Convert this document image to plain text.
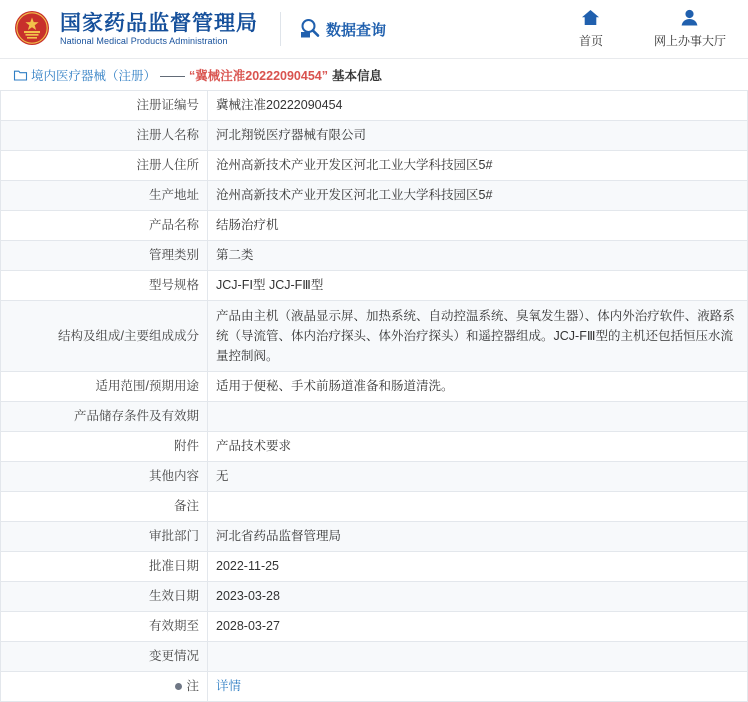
国家药品监督管理局
National Medical Products Administration
数据查询
首页	网上办事大厅
境内医疗器械（注册） —— “冀械注准20222090454” 基本信息
注册证编号	冀械注准20222090454
注册人名称	河北翔锐医疗器械有限公司
注册人住所	沧州高新技术产业开发区河北工业大学科技园区5#
生产地址	沧州高新技术产业开发区河北工业大学科技园区5#
产品名称	结肠治疗机
管理类别	第二类
型号规格	JCJ-FⅠ型 JCJ-FⅢ型
结构及组成/主要组成成分	产品由主机（液晶显示屏、加热系统、自动控温系统、臭氧发生器）、体内外治疗软件、液路系统（导流管、体内治疗探头、体外治疗探头）和遥控器组成。JCJ-FⅢ型的主机还包括恒压水流量控制阀。
适用范围/预期用途	适用于便秘、手术前肠道准备和肠道清洗。
产品储存条件及有效期	
附件	产品技术要求
其他内容	无
备注	
审批部门	河北省药品监督管理局
批准日期	2022-11-25
生效日期	2023-03-28
有效期至	2028-03-27
变更情况	
注	详情
